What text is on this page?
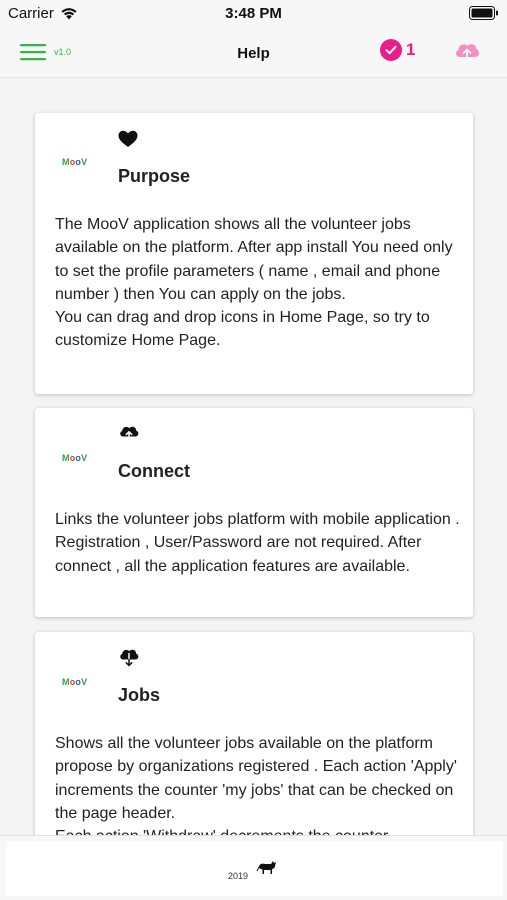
Carrier	3:48 PM
v1.0	Help	1
MooV
Purpose
The MooV application shows all the volunteer jobs available on the platform. After app install You need only to set the profile parameters ( name , email and phone number ) then You can apply on the jobs.
You can drag and drop icons in Home Page, so try to customize Home Page.
MooV
Connect
Links the volunteer jobs platform with mobile application . Registration , User/Password are not required. After connect , all the application features are available.
MooV
Jobs
Shows all the volunteer jobs available on the platform propose by organizations registered . Each action 'Apply' increments the counter 'my jobs' that can be checked on the page header.

2019
